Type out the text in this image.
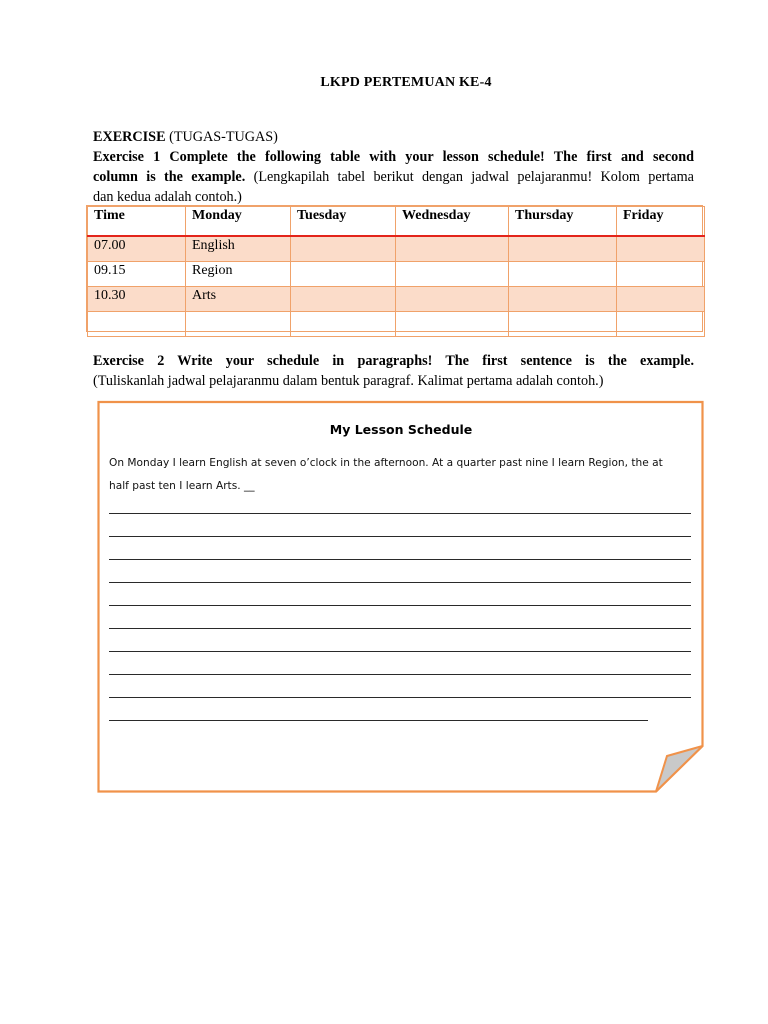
LKPD PERTEMUAN KE-4
EXERCISE (TUGAS-TUGAS)
Exercise 1 Complete the following table with your lesson schedule! The first and second
column is the example. (Lengkapilah tabel berikut dengan jadwal pelajaranmu! Kolom pertama
dan kedua adalah contoh.)
Time	Monday	Tuesday	Wednesday	Thursday	Friday
07.00	English				
09.15	Region				
10.30	Arts				

Exercise 2 Write your schedule in paragraphs! The first sentence is the example.
(Tuliskanlah jadwal pelajaranmu dalam bentuk paragraf. Kalimat pertama adalah contoh.)
My Lesson Schedule
On Monday I learn English at seven o’clock in the afternoon. At a quarter past nine I learn Region, the at
half past ten I learn Arts. __
